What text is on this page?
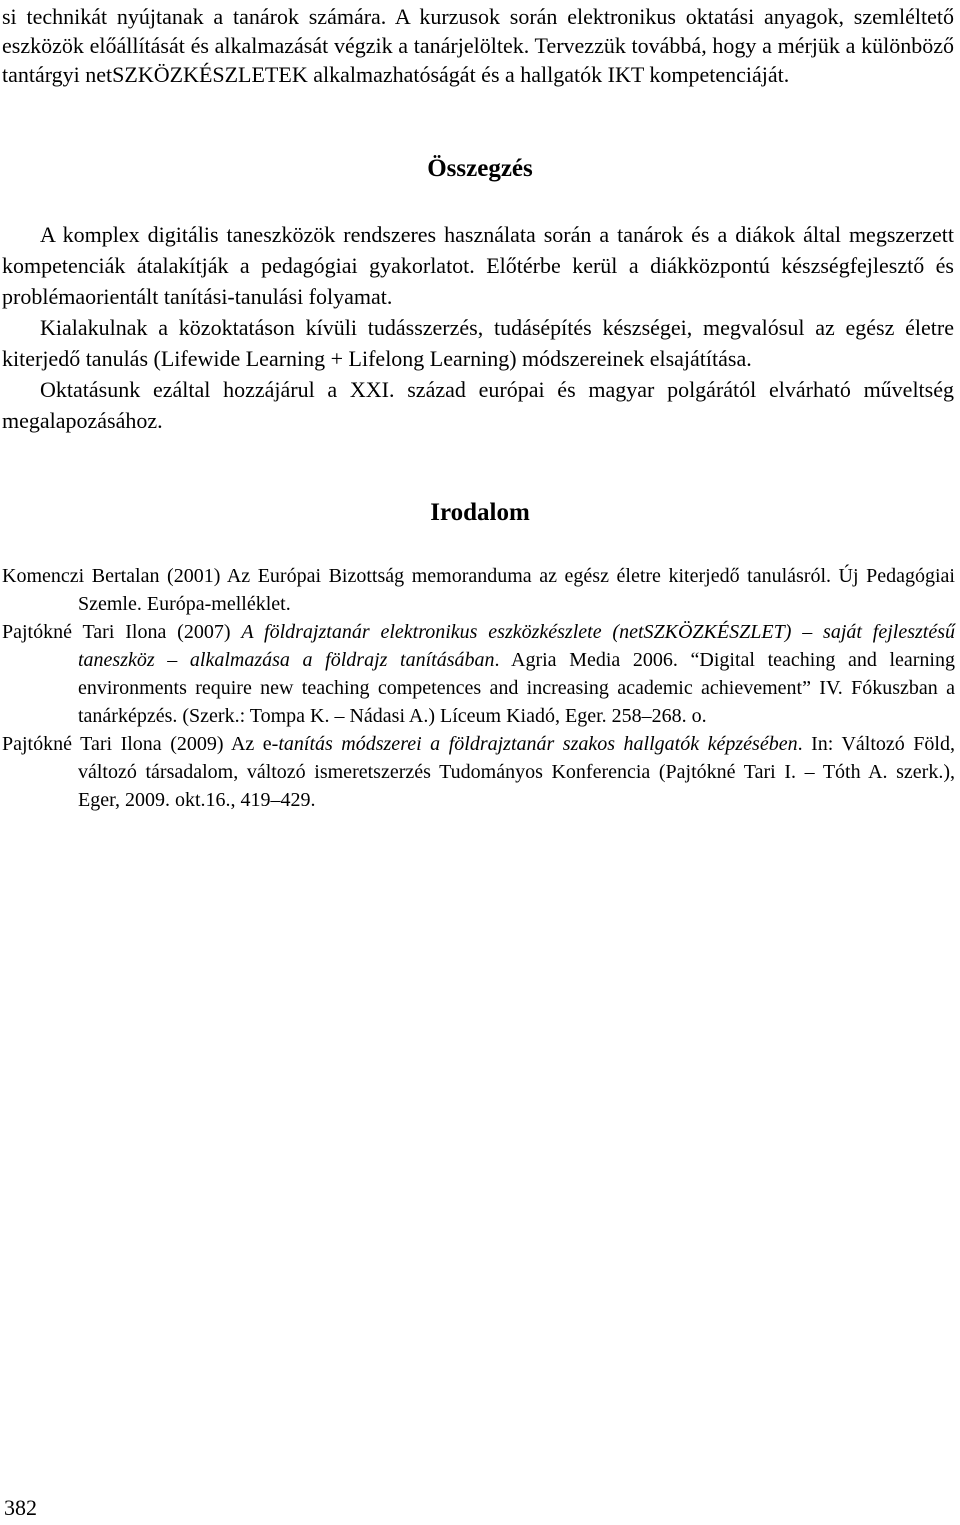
si technikát nyújtanak a tanárok számára. A kurzusok során elektronikus oktatási anyagok, szemléltető eszközök előállítását és alkalmazását végzik a tanárjelöltek. Tervezzük továbbá, hogy a mérjük a különböző tantárgyi netSZKÖZKÉSZLETEK alkalmazhatóságát és a hallgatók IKT kompetenciáját.

Összegzés

A komplex digitális taneszközök rendszeres használata során a tanárok és a diákok által megszerzett kompetenciák átalakítják a pedagógiai gyakorlatot. Előtérbe kerül a diákközpontú készségfejlesztő és problémaorientált tanítási-tanulási folyamat.

Kialakulnak a közoktatáson kívüli tudásszerzés, tudásépítés készségei, megvalósul az egész életre kiterjedő tanulás (Lifewide Learning + Lifelong Learning) módszereinek elsajátítása.

Oktatásunk ezáltal hozzájárul a XXI. század európai és magyar polgárától elvárható műveltség megalapozásához.

Irodalom

Komenczi Bertalan (2001) Az Európai Bizottság memoranduma az egész életre kiterjedő tanulásról. Új Pedagógiai Szemle. Európa-melléklet.

Pajtókné Tari Ilona (2007) A földrajztanár elektronikus eszközkészlete (netSZKÖZKÉSZLET) – saját fejlesztésű taneszköz – alkalmazása a földrajz tanításában. Agria Media 2006. “Digital teaching and learning environments require new teaching competences and increasing academic achievement” IV. Fókuszban a tanárképzés. (Szerk.: Tompa K. – Nádasi A.) Líceum Kiadó, Eger. 258–268. o.

Pajtókné Tari Ilona (2009) Az e-tanítás módszerei a földrajztanár szakos hallgatók képzésében. In: Változó Föld, változó társadalom, változó ismeretszerzés Tudományos Konferencia (Pajtókné Tari I. – Tóth A. szerk.), Eger, 2009. okt.16., 419–429.

382
